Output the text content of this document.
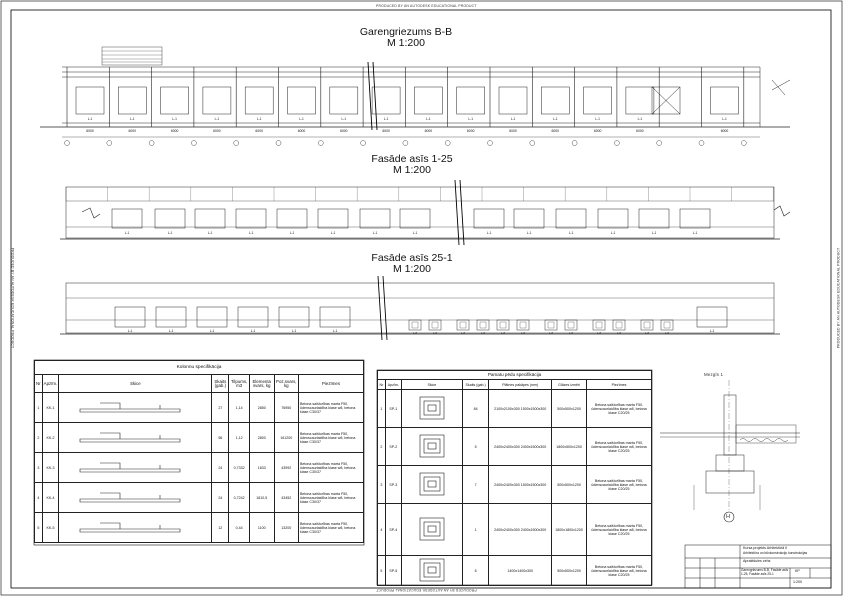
L-1
6000
L-1
6000
L-1
6000
L-1
6000
L-1
6000
L-1
6000
L-1
6000
L-1
6000
L-1
6000
L-1
6000
L-1
6000
L-1
6000
L-1
6000
L-1
6000
L-1
6000
L-1	L-1	L-1	L-1	L-1	L-1	L-1	L-1	L-1	L-1	L-1	L-1	L-1	L-1
L-1	L-1	L-1	L-1	L-1	L-1	L-1
L-0	L-0	L-0	L-0	L-0	L-0	L-0	L-0	L-0	L-0	L-0	L-0
PRODUCED BY AN AUTODESK EDUCATIONAL PRODUCT
PRODUCED BY AN AUTODESK EDUCATIONAL PRODUCT
PRODUCED BY AN AUTODESK EDUCATIONAL PRODUCT	PRODUCED BY AN AUTODESK EDUCATIONAL PRODUCT
Garengriezums B-B
M 1:200
Fasāde asīs 1-25
M 1:200
Fasāde asīs 25-1
M 1:200
Kolonnu specifikācija							
Nr	Apzīm.	Skice	Skaits (gab.)	Tilpums, m3	Elementa svars, kg	Poz.svars, kg	Piezīmes
1	KK-1		27	1,14	2850	76950	Betona saišturības marta F50, ūdenscaurlaidība klase w8, betona klase C30/37
2	KK-2		56	1,12	2800	161200	Betona saišturības marta F50, ūdenscaurlaidība klase w8, betona klase C30/37
3	KK-3		24	0,7332	1833	43992	Betona saišturības marta F50, ūdenscaurlaidība klase w8, betona klase C30/37
4	KK-4		24	0,7242	1810,5	43452	Betona saišturības marta F50, ūdenscaurlaidība klase w8, betona klase C30/37
5	KK-5		12	0,44	1100	13200	Betona saišturības marta F50, ūdenscaurlaidība klase w8, betona klase C30/37
Pamatu pēdu specifikācija						
Nr	Apzīm.	Skice	Skaits (gab.)	Plātnes pakāpes (mm)	Glāzes izmēri	Piezīmes
1	SP-1		84	2100x2100x300 1500x1500x300	500x500x1200	Betona saišturības marta F50, ūdenscaurlaidība klase w8, betona klase C20/25
2	SP-2		5	2400x2400x300 2400x1500x300	1800x500x1200	Betona saišturības marta F50, ūdenscaurlaidība klase w8, betona klase C20/25
3	SP-3		7	2400x2400x300 1500x1500x300	500x500x1200	Betona saišturības marta F50, ūdenscaurlaidība klase w8, betona klase C20/25
4	SP-4		1	2400x2400x300 2400x1500x300	1800x1800x1200	Betona saišturības marta F50, ūdenscaurlaidība klase w8, betona klase C20/25
5	SP-5		6	1400x1400x300	500x500x1200	Betona saišturības marta F50, ūdenscaurlaidība klase w8, betona klase C20/25
Mezgls 1
H
Kursa projekts Arhitektūrā II
Arhitektūra un būvkonstrukciju konstrukcijas
Apraktšules cehs
Garengriezums B-B, Fasāde asīs 1-25, Fasāde asīs 25-1
KP
1:200
